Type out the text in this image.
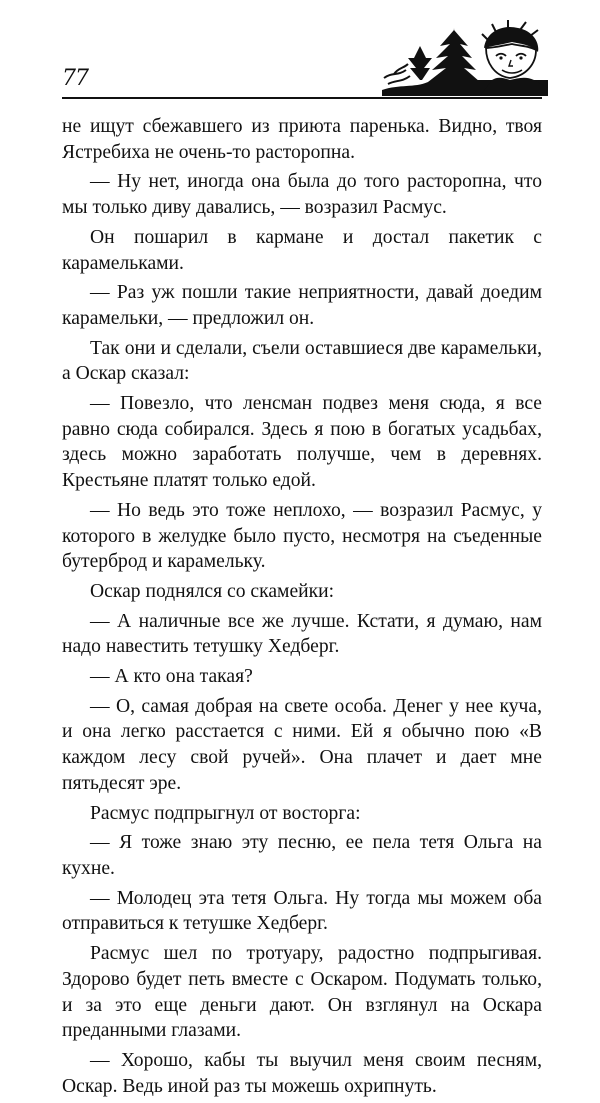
77

не ищут сбежавшего из приюта паренька. Видно, твоя Ястребиха не очень-то расторопна.

— Ну нет, иногда она была до того расторопна, что мы только диву давались, — возразил Расмус.

Он пошарил в кармане и достал пакетик с карамельками.

— Раз уж пошли такие неприятности, давай доедим карамельки, — предложил он.

Так они и сделали, съели оставшиеся две карамельки, а Оскар сказал:

— Повезло, что ленсман подвез меня сюда, я все равно сюда собирался. Здесь я пою в богатых усадьбах, здесь можно заработать получше, чем в деревнях. Крестьяне платят только едой.

— Но ведь это тоже неплохо, — возразил Расмус, у которого в желудке было пусто, несмотря на съеденные бутерброд и карамельку.

Оскар поднялся со скамейки:

— А наличные все же лучше. Кстати, я думаю, нам надо навестить тетушку Хедберг.

— А кто она такая?

— О, самая добрая на свете особа. Денег у нее куча, и она легко расстается с ними. Ей я обычно пою «В каждом лесу свой ручей». Она плачет и дает мне пятьдесят эре.

Расмус подпрыгнул от восторга:

— Я тоже знаю эту песню, ее пела тетя Ольга на кухне.

— Молодец эта тетя Ольга. Ну тогда мы можем оба отправиться к тетушке Хедберг.

Расмус шел по тротуару, радостно подпрыгивая. Здорово будет петь вместе с Оскаром. Подумать только, и за это еще деньги дают. Он взглянул на Оскара преданными глазами.

— Хорошо, кабы ты выучил меня своим песням, Оскар. Ведь иной раз ты можешь охрипнуть.
